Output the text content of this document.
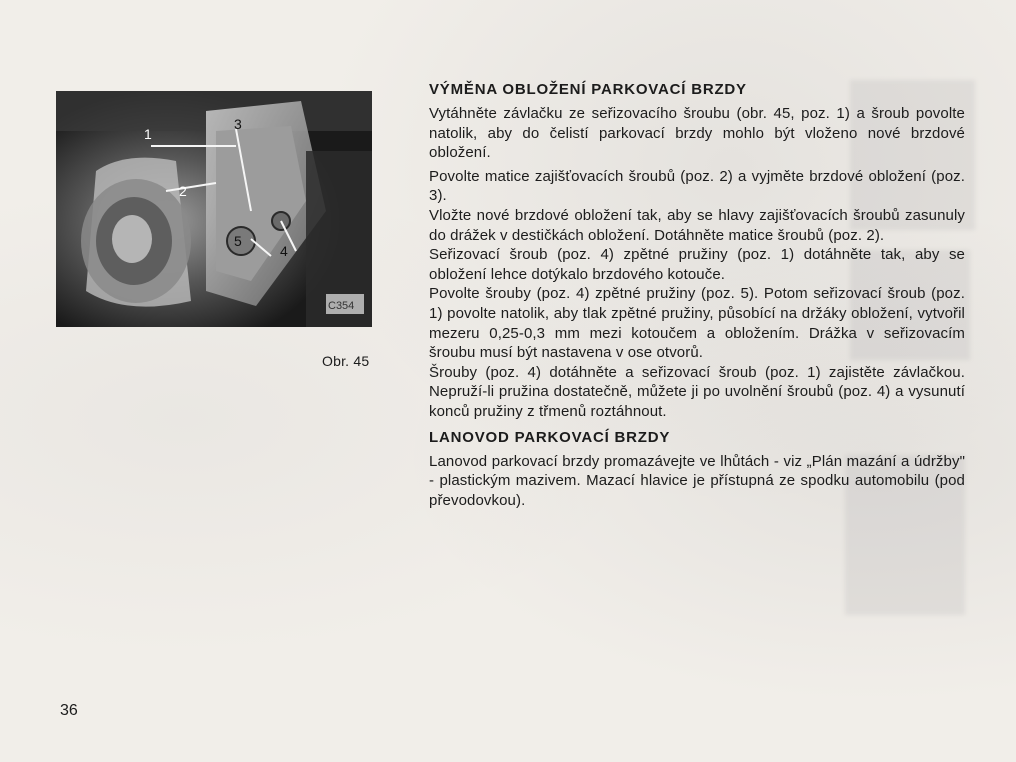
1
2
3
4
5
C354
Obr. 45
VÝMĚNA OBLOŽENÍ PARKOVACÍ BRZDY

Vytáhněte závlačku ze seřizovacího šroubu (obr. 45, poz. 1) a šroub povolte natolik, aby do čelistí parkovací brzdy mohlo být vloženo nové brzdové obložení.

Povolte matice zajišťovacích šroubů (poz. 2) a vyjměte brzdové obložení (poz. 3).

Vložte nové brzdové obložení tak, aby se hlavy zajišťovacích šroubů zasunuly do drážek v destičkách obložení. Dotáhněte matice šroubů (poz. 2).

Seřizovací šroub (poz. 4) zpětné pružiny (poz. 1) dotáhněte tak, aby se obložení lehce dotýkalo brzdového kotouče.

Povolte šrouby (poz. 4) zpětné pružiny (poz. 5). Potom seřizovací šroub (poz. 1) povolte natolik, aby tlak zpětné pružiny, působící na držáky obložení, vytvořil mezeru 0,25-0,3 mm mezi kotoučem a obložením. Drážka v seřizovacím šroubu musí být nastavena v ose otvorů.

Šrouby (poz. 4) dotáhněte a seřizovací šroub (poz. 1) zajistěte závlačkou. Nepruží-li pružina dostatečně, můžete ji po uvolnění šroubů (poz. 4) a vysunutí konců pružiny z třmenů roztáhnout.

LANOVOD PARKOVACÍ BRZDY

Lanovod parkovací brzdy promazávejte ve lhůtách - viz „Plán mazání a údržby" - plastickým mazivem. Mazací hlavice je přístupná ze spodku automobilu (pod převodovkou).

36
